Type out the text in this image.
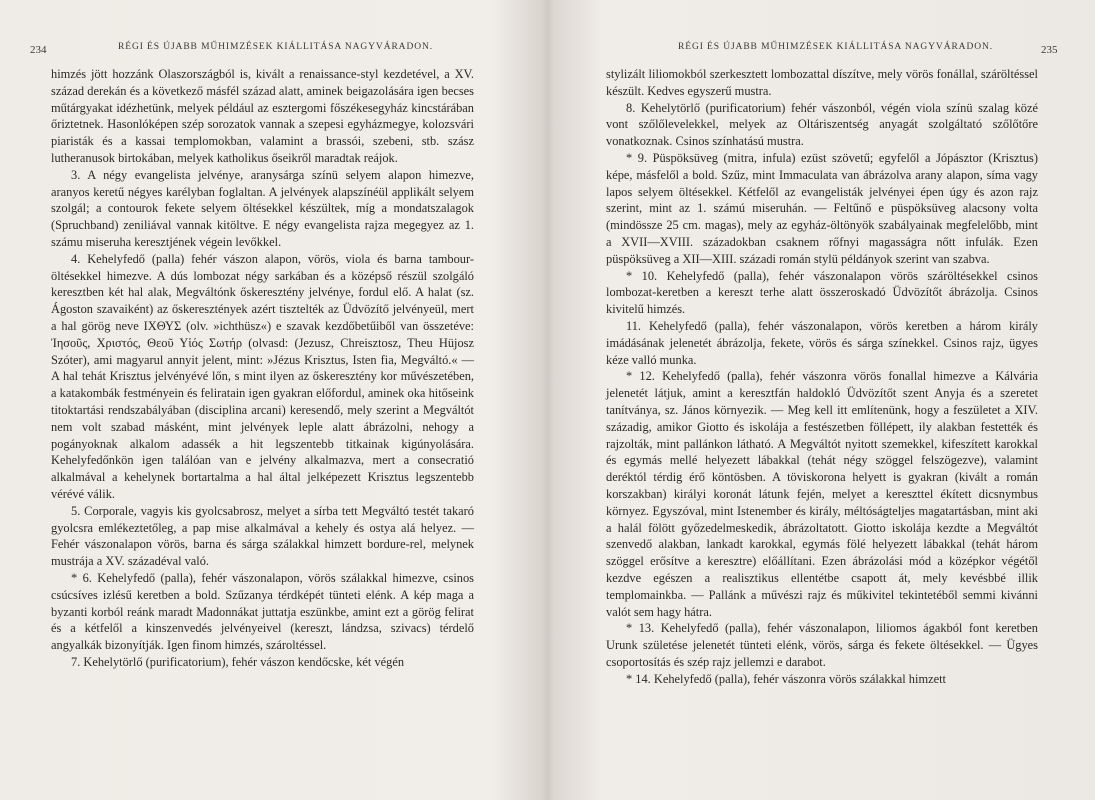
234	RÉGI ÉS ÚJABB MŰHIMZÉSEK KIÁLLITÁSA NAGYVÁRADON.

himzés jött hozzánk Olaszországból is, kivált a renaissance-styl kezdetével, a XV. század derekán és a következő másfél század alatt, aminek beigazolására igen becses műtárgyakat idézhetünk, melyek például az esztergomi főszékesegyház kincstárában őriztetnek. Hasonlóképen szép sorozatok vannak a szepesi egyházmegye, kolozsvári piaristák és a kassai templomokban, valamint a brassói, szebeni, stb. szász lutheranusok birtokában, melyek katholikus őseikről maradtak reájok.

3. A négy evangelista jelvénye, aranysárga színü selyem alapon himezve, aranyos keretű négyes karélyban foglaltan. A jelvények alapszínéül applikált selyem szolgál; a contourok fekete selyem öltésekkel készültek, míg a mondatszalagok (Spruchband) zeniliával vannak kitöltve. E négy evangelista rajza megegyez az 1. számu miseruha keresztjének végein levőkkel.

4. Kehelyfedő (palla) fehér vászon alapon, vörös, viola és barna tambour-öltésekkel himezve. A dús lombozat négy sarkában és a középső részül szolgáló keresztben két hal alak, Megváltónk őskeresztény jelvénye, fordul elő. A halat (sz. Ágoston szavaiként) az őskeresztények azért tisztelték az Üdvözítő jelvényeül, mert a hal görög neve ΙΧΘΥΣ (olv. »ichthüsz«) e szavak kezdőbetűiből van összetéve: Ἰησοῦς, Χριστός, Θεοῦ Υἱός Σωτήρ (olvasd: (Jezusz, Chreisztosz, Theu Hüjosz Szóter), ami magyarul annyit jelent, mint: »Jézus Krisztus, Isten fia, Megváltó.« — A hal tehát Krisztus jelvényévé lőn, s mint ilyen az őskeresztény kor művészetében, a katakombák festményein és feliratain igen gyakran előfordul, aminek oka hitőseink titoktartási rendszabályában (disciplina arcani) keresendő, mely szerint a Megváltót nem volt szabad másként, mint jelvények leple alatt ábrázolni, nehogy a pogányoknak alkalom adassék a hit legszentebb titkainak kigúnyolására. Kehelyfedőnkön igen találóan van e jelvény alkalmazva, mert a consecratió alkalmával a kehelynek bortartalma a hal által jelképezett Krisztus legszentebb vérévé válik.

5. Corporale, vagyis kis gyolcsabrosz, melyet a sírba tett Megváltó testét takaró gyolcsra emlékeztetőleg, a pap mise alkalmával a kehely és ostya alá helyez. — Fehér vászonalapon vörös, barna és sárga szálakkal himzett bordure-rel, melynek mustrája a XV. századéval való.

* 6. Kehelyfedő (palla), fehér vászonalapon, vörös szálakkal himezve, csinos csúcsíves izlésű keretben a bold. Szűzanya térdképét tünteti elénk. A kép maga a byzanti korból reánk maradt Madonnákat juttatja eszünkbe, amint ezt a görög felirat és a kétfelől a kinszenvedés jelvényeivel (kereszt, lándzsa, szivacs) térdelő angyalkák bizonyítják. Igen finom himzés, szároltéssel.

7. Kehelytörlő (purificatorium), fehér vászon kendőcske, két végén

RÉGI ÉS ÚJABB MŰHIMZÉSEK KIÁLLITÁSA NAGYVÁRADON.	235

stylizált liliomokból szerkesztett lombozattal díszítve, mely vörös fonállal, száröltéssel készült. Kedves egyszerű mustra.

8. Kehelytörlő (purificatorium) fehér vászonból, végén viola színü szalag közé vont szőlőlevelekkel, melyek az Oltáriszentség anyagát szolgáltató szőlőtőre vonatkoznak. Csinos színhatású mustra.

* 9. Püspöksüveg (mitra, infula) ezüst szövetű; egyfelől a Jópásztor (Krisztus) képe, másfelől a bold. Szűz, mint Immaculata van ábrázolva arany alapon, síma vagy lapos selyem öltésekkel. Kétfelől az evangelisták jelvényei épen úgy és azon rajz szerint, mint az 1. számú miseruhán. — Feltűnő e püspöksüveg alacsony volta (mindössze 25 cm. magas), mely az egyház-öltönyök szabályainak megfelelőbb, mint a XVII—XVIII. századokban csaknem rőfnyi magasságra nőtt infulák. Ezen püspöksüveg a XII—XIII. századi román stylü példányok szerint van szabva.

* 10. Kehelyfedő (palla), fehér vászonalapon vörös száröltésekkel csinos lombozat-keretben a kereszt terhe alatt összeroskadó Üdvözítőt ábrázolja. Csinos kivitelű himzés.

11. Kehelyfedő (palla), fehér vászonalapon, vörös keretben a három király imádásának jelenetét ábrázolja, fekete, vörös és sárga színekkel. Csinos rajz, ügyes kéze valló munka.

* 12. Kehelyfedő (palla), fehér vászonra vörös fonallal himezve a Kálvária jelenetét látjuk, amint a keresztfán haldokló Üdvözítőt szent Anyja és a szeretet tanítványa, sz. János környezik. — Meg kell itt említenünk, hogy a feszületet a XIV. századig, amikor Giotto és iskolája a festészetben föllépett, ily alakban festették és rajzolták, mint pallánkon látható. A Megváltót nyitott szemekkel, kifeszített karokkal és egymás mellé helyezett lábakkal (tehát négy szöggel felszögezve), valamint deréktól térdig érő köntösben. A töviskorona helyett is gyakran (kivált a román korszakban) királyi koronát látunk fején, melyet a kereszttel ékített dicsnymbus környez. Egyszóval, mint Istenember és király, méltóságteljes magatartásban, mint aki a halál fölött győzedelmeskedik, ábrázoltatott. Giotto iskolája kezdte a Megváltót szenvedő alakban, lankadt karokkal, egymás fölé helyezett lábakkal (tehát három szöggel erősítve a keresztre) előállítani. Ezen ábrázolási mód a középkor végétől kezdve egészen a realisztikus ellentétbe csapott át, mely kevésbbé illik templomainkba. — Pallánk a művészi rajz és műkivitel tekintetéből semmi kivánni valót sem hagy hátra.

* 13. Kehelyfedő (palla), fehér vászonalapon, liliomos ágakból font keretben Urunk születése jelenetét tünteti elénk, vörös, sárga és fekete öltésekkel. — Ügyes csoportosítás és szép rajz jellemzi e darabot.

* 14. Kehelyfedő (palla), fehér vászonra vörös szálakkal himzett
